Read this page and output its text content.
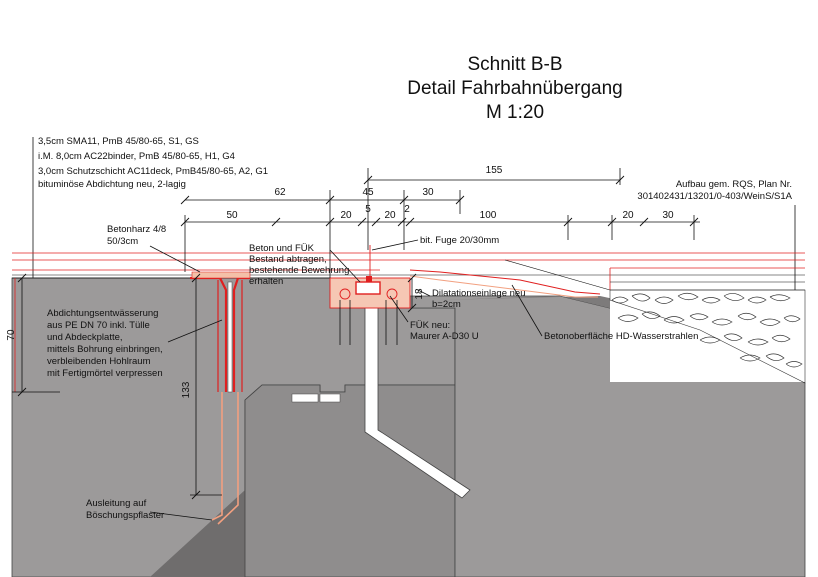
Schnitt B-B
Detail Fahrbahnübergang
M 1:20
3,5cm SMA11, PmB 45/80-65, S1, GS
i.M. 8,0cm AC22binder, PmB 45/80-65, H1, G4
3,0cm Schutzschicht AC11deck, PmB45/80-65, A2, G1
bituminöse Abdichtung neu, 2-lagig	Aufbau gem. RQS, Plan Nr.
301402431/13201/0-403/WeinS/S1A
155
62	45	30
50	20
5
20
2
100	20	30
18
70
133
Betonharz 4/8
50/3cm
Beton und FÜK
Bestand abtragen,
bestehende Bewehrung
erhalten
bit. Fuge 20/30mm
Dilatationseinlage neu
b=2cm
FÜK neu:
Maurer A-D30 U	Betonoberfläche HD-Wasserstrahlen
Abdichtungsentwässerung
aus PE DN 70 inkl. Tülle
und Abdeckplatte,
mittels Bohrung einbringen,
verbleibenden Hohlraum
mit Fertigmörtel verpressen
Ausleitung auf
Böschungspflaster
